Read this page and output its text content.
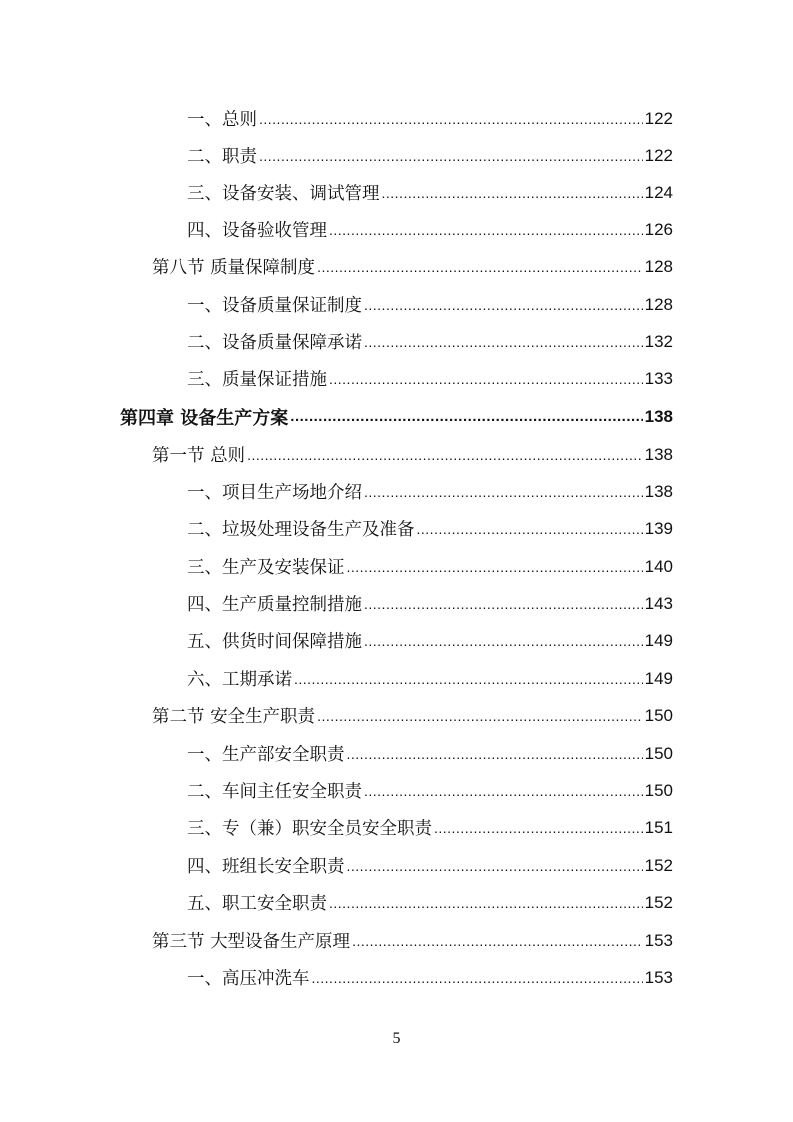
一、总则 .....	122
二、职责 .....	122
三、设备安装、调试管理 .....	124
四、设备验收管理 .....	126
第八节 质量保障制度 .....	128
一、设备质量保证制度 .....	128
二、设备质量保障承诺 .....	132
三、质量保证措施 .....	133
第四章 设备生产方案 .....	138
第一节 总则 .....	138
一、项目生产场地介绍 .....	138
二、垃圾处理设备生产及准备 .....	139
三、生产及安装保证 .....	140
四、生产质量控制措施 .....	143
五、供货时间保障措施 .....	149
六、工期承诺 .....	149
第二节 安全生产职责 .....	150
一、生产部安全职责 .....	150
二、车间主任安全职责 .....	150
三、专（兼）职安全员安全职责 .....	151
四、班组长安全职责 .....	152
五、职工安全职责 .....	152
第三节 大型设备生产原理 .....	153
一、高压冲洗车 .....	153
5
